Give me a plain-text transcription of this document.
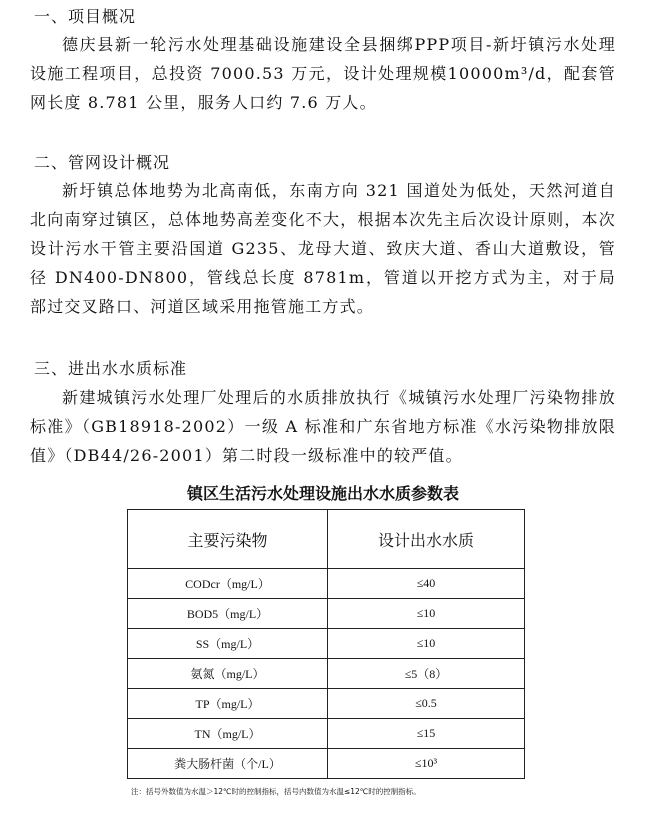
一、项目概况

德庆县新一轮污水处理基础设施建设全县捆绑PPP项目-新圩镇污水处理设施工程项目，总投资 7000.53 万元，设计处理规模10000m³/d，配套管网长度 8.781 公里，服务人口约 7.6 万人。

二、管网设计概况

新圩镇总体地势为北高南低，东南方向 321 国道处为低处，天然河道自北向南穿过镇区，总体地势高差变化不大，根据本次先主后次设计原则，本次设计污水干管主要沿国道 G235、龙母大道、致庆大道、香山大道敷设，管径 DN400-DN800，管线总长度 8781m，管道以开挖方式为主，对于局部过交叉路口、河道区域采用拖管施工方式。

三、进出水水质标准

新建城镇污水处理厂处理后的水质排放执行《城镇污水处理厂污染物排放标准》（GB18918-2002）一级 A 标准和广东省地方标准《水污染物排放限值》（DB44/26-2001）第二时段一级标准中的较严值。

镇区生活污水处理设施出水水质参数表
主要污染物	设计出水水质
CODcr（mg/L）	≤40
BOD5（mg/L）	≤10
SS（mg/L）	≤10
氨氮（mg/L）	≤5（8）
TP（mg/L）	≤0.5
TN（mg/L）	≤15
粪大肠杆菌（个/L）	≤10³
注：括号外数值为水温＞12℃时的控制指标，括号内数值为水温≤12℃时的控制指标。
